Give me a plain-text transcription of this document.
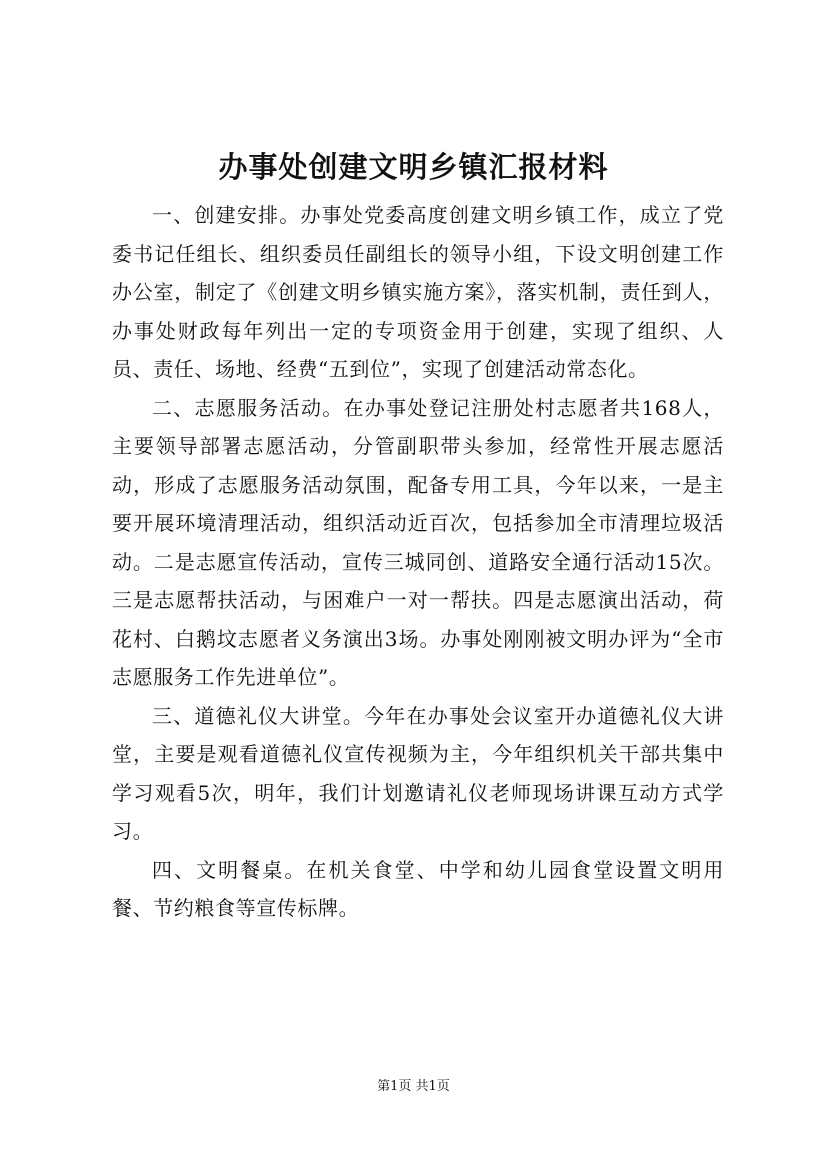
办事处创建文明乡镇汇报材料

一、创建安排。办事处党委高度创建文明乡镇工作，成立了党委书记任组长、组织委员任副组长的领导小组，下设文明创建工作办公室，制定了《创建文明乡镇实施方案》，落实机制，责任到人，办事处财政每年列出一定的专项资金用于创建，实现了组织、人员、责任、场地、经费“五到位”，实现了创建活动常态化。

二、志愿服务活动。在办事处登记注册处村志愿者共168人，主要领导部署志愿活动，分管副职带头参加，经常性开展志愿活动，形成了志愿服务活动氛围，配备专用工具，今年以来，一是主要开展环境清理活动，组织活动近百次，包括参加全市清理垃圾活动。二是志愿宣传活动，宣传三城同创、道路安全通行活动15次。三是志愿帮扶活动，与困难户一对一帮扶。四是志愿演出活动，荷花村、白鹅坟志愿者义务演出3场。办事处刚刚被文明办评为“全市志愿服务工作先进单位”。

三、道德礼仪大讲堂。今年在办事处会议室开办道德礼仪大讲堂，主要是观看道德礼仪宣传视频为主，今年组织机关干部共集中学习观看5次，明年，我们计划邀请礼仪老师现场讲课互动方式学习。

四、文明餐桌。在机关食堂、中学和幼儿园食堂设置文明用餐、节约粮食等宣传标牌。

第1页 共1页
